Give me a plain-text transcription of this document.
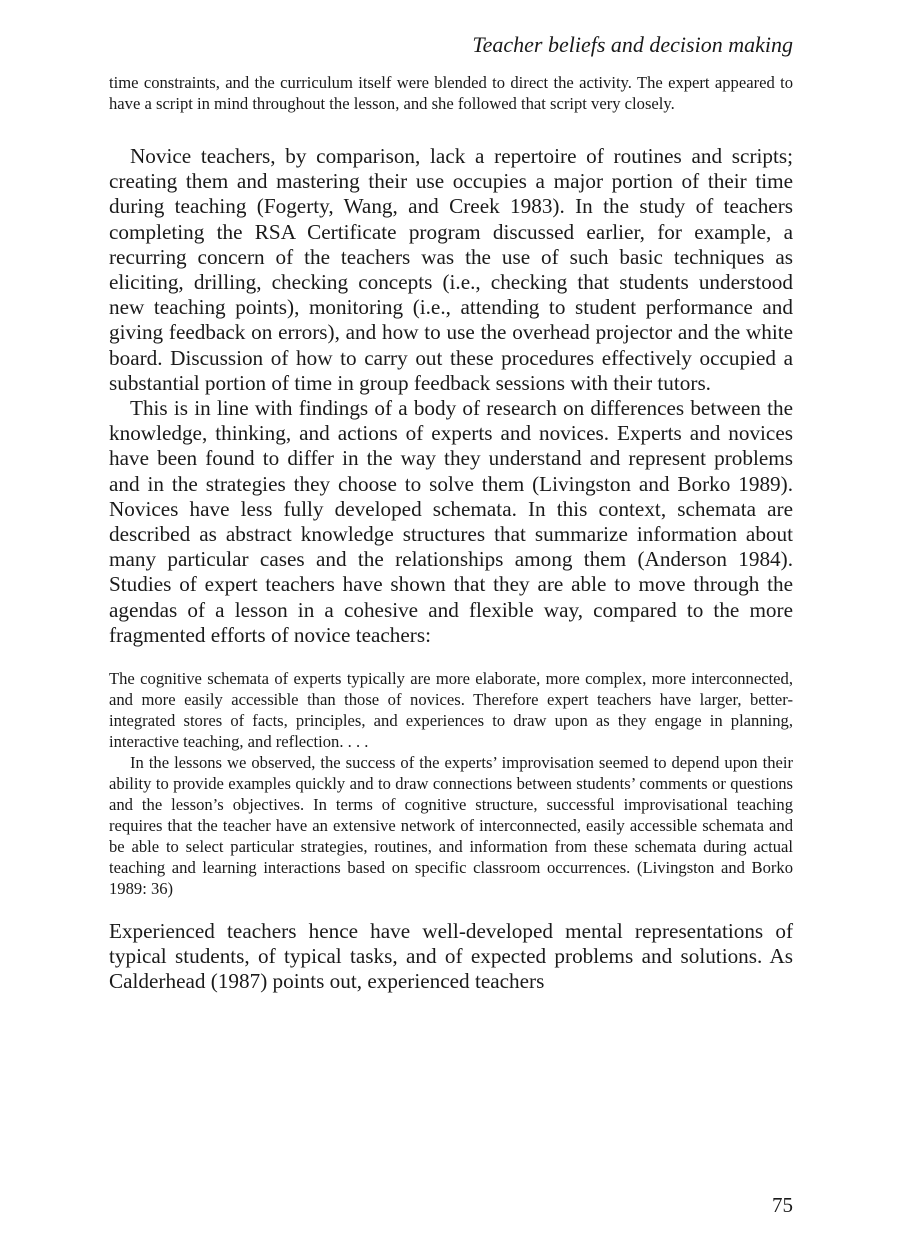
Teacher beliefs and decision making

time constraints, and the curriculum itself were blended to direct the activity. The expert appeared to have a script in mind throughout the lesson, and she followed that script very closely.

Novice teachers, by comparison, lack a repertoire of routines and scripts; creating them and mastering their use occupies a major portion of their time during teaching (Fogerty, Wang, and Creek 1983). In the study of teachers completing the RSA Certificate program discussed earlier, for example, a recurring concern of the teachers was the use of such basic techniques as eliciting, drilling, checking concepts (i.e., checking that students understood new teaching points), monitoring (i.e., attending to student performance and giving feedback on errors), and how to use the overhead projector and the white board. Discussion of how to carry out these procedures effectively occupied a substantial portion of time in group feedback sessions with their tutors.

This is in line with findings of a body of research on differences between the knowledge, thinking, and actions of experts and novices. Experts and novices have been found to differ in the way they understand and represent problems and in the strategies they choose to solve them (Livingston and Borko 1989). Novices have less fully developed schemata. In this context, schemata are described as abstract knowledge structures that summarize information about many particular cases and the relationships among them (Anderson 1984). Studies of expert teachers have shown that they are able to move through the agendas of a lesson in a cohesive and flexible way, compared to the more fragmented efforts of novice teachers:

The cognitive schemata of experts typically are more elaborate, more complex, more interconnected, and more easily accessible than those of novices. Therefore expert teachers have larger, better-integrated stores of facts, principles, and experiences to draw upon as they engage in planning, interactive teaching, and reflection. . . .

In the lessons we observed, the success of the experts’ improvisation seemed to depend upon their ability to provide examples quickly and to draw connections between students’ comments or questions and the lesson’s objectives. In terms of cognitive structure, successful improvisational teaching requires that the teacher have an extensive network of interconnected, easily accessible schemata and be able to select particular strategies, routines, and information from these schemata during actual teaching and learning interactions based on specific classroom occurrences. (Livingston and Borko 1989: 36)

Experienced teachers hence have well-developed mental representations of typical students, of typical tasks, and of expected problems and solutions. As Calderhead (1987) points out, experienced teachers

75
